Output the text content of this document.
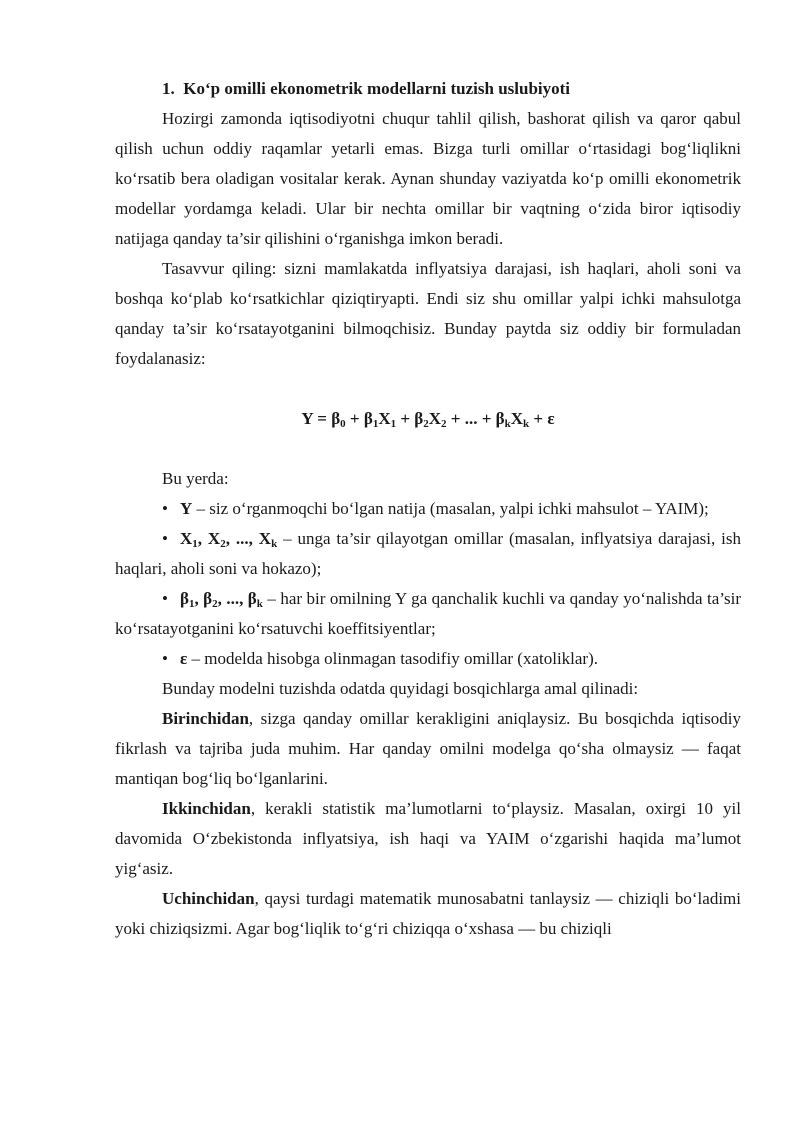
1. Ko‘p omilli ekonometrik modellarni tuzish uslubiyoti

Hozirgi zamonda iqtisodiyotni chuqur tahlil qilish, bashorat qilish va qaror qabul qilish uchun oddiy raqamlar yetarli emas. Bizga turli omillar o‘rtasidagi bog‘liqlikni ko‘rsatib bera oladigan vositalar kerak. Aynan shunday vaziyatda ko‘p omilli ekonometrik modellar yordamga keladi. Ular bir nechta omillar bir vaqtning o‘zida biror iqtisodiy natijaga qanday ta’sir qilishini o‘rganishga imkon beradi.

Tasavvur qiling: sizni mamlakatda inflyatsiya darajasi, ish haqlari, aholi soni va boshqa ko‘plab ko‘rsatkichlar qiziqtiryapti. Endi siz shu omillar yalpi ichki mahsulotga qanday ta’sir ko‘rsatayotganini bilmoqchisiz. Bunday paytda siz oddiy bir formuladan foydalanasiz:

$Y = \beta_0 + \beta_1X_1 + \beta_2X_2$ + ... + $\beta_kX_k + \varepsilon$

Bu yerda:

• Y – siz o‘rganmoqchi bo‘lgan natija (masalan, yalpi ichki mahsulot – YAIM);

• $X_1$, $X_2$, ..., $X_k$ – unga ta’sir qilayotgan omillar (masalan, inflyatsiya darajasi, ish haqlari, aholi soni va hokazo);

• $\beta_1$, $\beta_2$, ..., $\beta_k$ – har bir omilning Y ga qanchalik kuchli va qanday yo‘nalishda ta’sir ko‘rsatayotganini ko‘rsatuvchi koeffitsiyentlar;

• ε – modelda hisobga olinmagan tasodifiy omillar (xatoliklar).

Bunday modelni tuzishda odatda quyidagi bosqichlarga amal qilinadi:

Birinchidan, sizga qanday omillar kerakligini aniqlaysiz. Bu bosqichda iqtisodiy fikrlash va tajriba juda muhim. Har qanday omilni modelga qo‘sha olmaysiz — faqat mantiqan bog‘liq bo‘lganlarini.

Ikkinchidan, kerakli statistik ma’lumotlarni to‘playsiz. Masalan, oxirgi 10 yil davomida O‘zbekistonda inflyatsiya, ish haqi va YAIM o‘zgarishi haqida ma’lumot yig‘asiz.

Uchinchidan, qaysi turdagi matematik munosabatni tanlaysiz — chiziqli bo‘ladimi yoki chiziqsizmi. Agar bog‘liqlik to‘g‘ri chiziqqa o‘xshasa — bu chiziqli
